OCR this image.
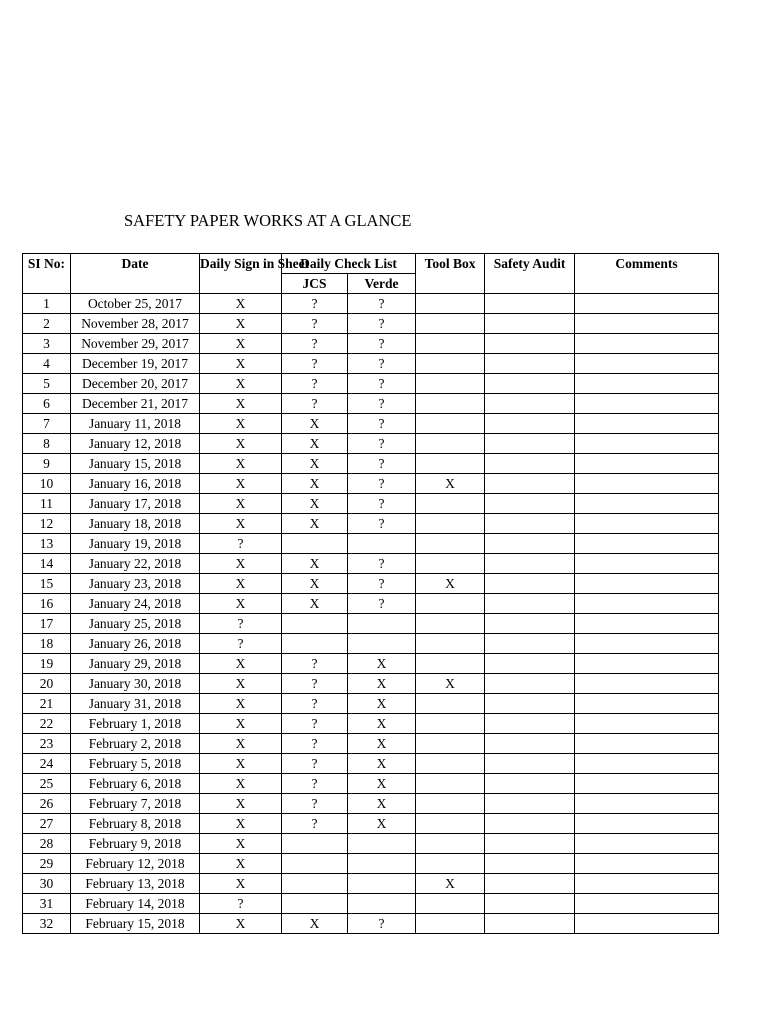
SAFETY PAPER WORKS AT A GLANCE
SI No:	Date	Daily Sign in Sheet	Daily Check List		Tool Box	Safety Audit	Comments
			JCS	Verde			
1	October 25, 2017	X	?	?			
2	November 28, 2017	X	?	?			
3	November 29, 2017	X	?	?			
4	December 19, 2017	X	?	?			
5	December 20, 2017	X	?	?			
6	December 21, 2017	X	?	?			
7	January 11, 2018	X	X	?			
8	January 12, 2018	X	X	?			
9	January 15, 2018	X	X	?			
10	January 16, 2018	X	X	?	X		
11	January 17, 2018	X	X	?			
12	January 18, 2018	X	X	?			
13	January 19, 2018	?					
14	January 22, 2018	X	X	?			
15	January 23, 2018	X	X	?	X		
16	January 24, 2018	X	X	?			
17	January 25, 2018	?					
18	January 26, 2018	?					
19	January 29, 2018	X	?	X			
20	January 30, 2018	X	?	X	X		
21	January 31, 2018	X	?	X			
22	February 1, 2018	X	?	X			
23	February 2, 2018	X	?	X			
24	February 5, 2018	X	?	X			
25	February 6, 2018	X	?	X			
26	February 7, 2018	X	?	X			
27	February 8, 2018	X	?	X			
28	February 9, 2018	X					
29	February 12, 2018	X					
30	February 13, 2018	X			X		
31	February 14, 2018	?					
32	February 15, 2018	X	X	?			
